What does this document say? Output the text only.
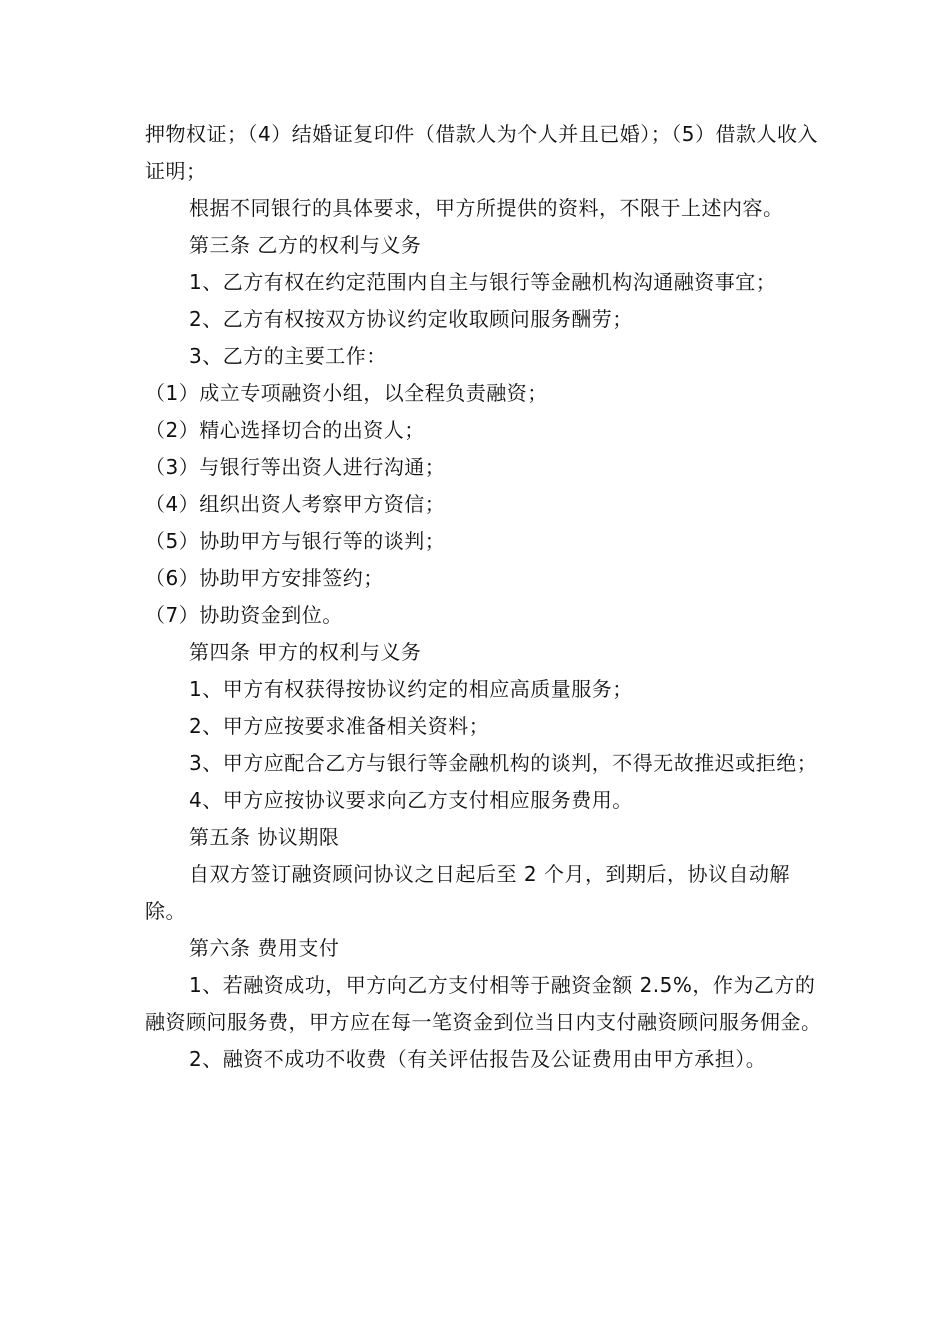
押物权证；（4）结婚证复印件（借款人为个人并且已婚）；（5）借款人收入证明；

根据不同银行的具体要求，甲方所提供的资料，不限于上述内容。

第三条 乙方的权利与义务

1、乙方有权在约定范围内自主与银行等金融机构沟通融资事宜；

2、乙方有权按双方协议约定收取顾问服务酬劳；

3、乙方的主要工作：

（1）成立专项融资小组，以全程负责融资；

（2）精心选择切合的出资人；

（3）与银行等出资人进行沟通；

（4）组织出资人考察甲方资信；

（5）协助甲方与银行等的谈判；

（6）协助甲方安排签约；

（7）协助资金到位。

第四条 甲方的权利与义务

1、甲方有权获得按协议约定的相应高质量服务；

2、甲方应按要求准备相关资料；

3、甲方应配合乙方与银行等金融机构的谈判，不得无故推迟或拒绝；

4、甲方应按协议要求向乙方支付相应服务费用。

第五条 协议期限

自双方签订融资顾问协议之日起后至 2 个月，到期后，协议自动解除。

第六条 费用支付

1、若融资成功，甲方向乙方支付相等于融资金额 2.5%，作为乙方的融资顾问服务费，甲方应在每一笔资金到位当日内支付融资顾问服务佣金。

2、融资不成功不收费（有关评估报告及公证费用由甲方承担）。
